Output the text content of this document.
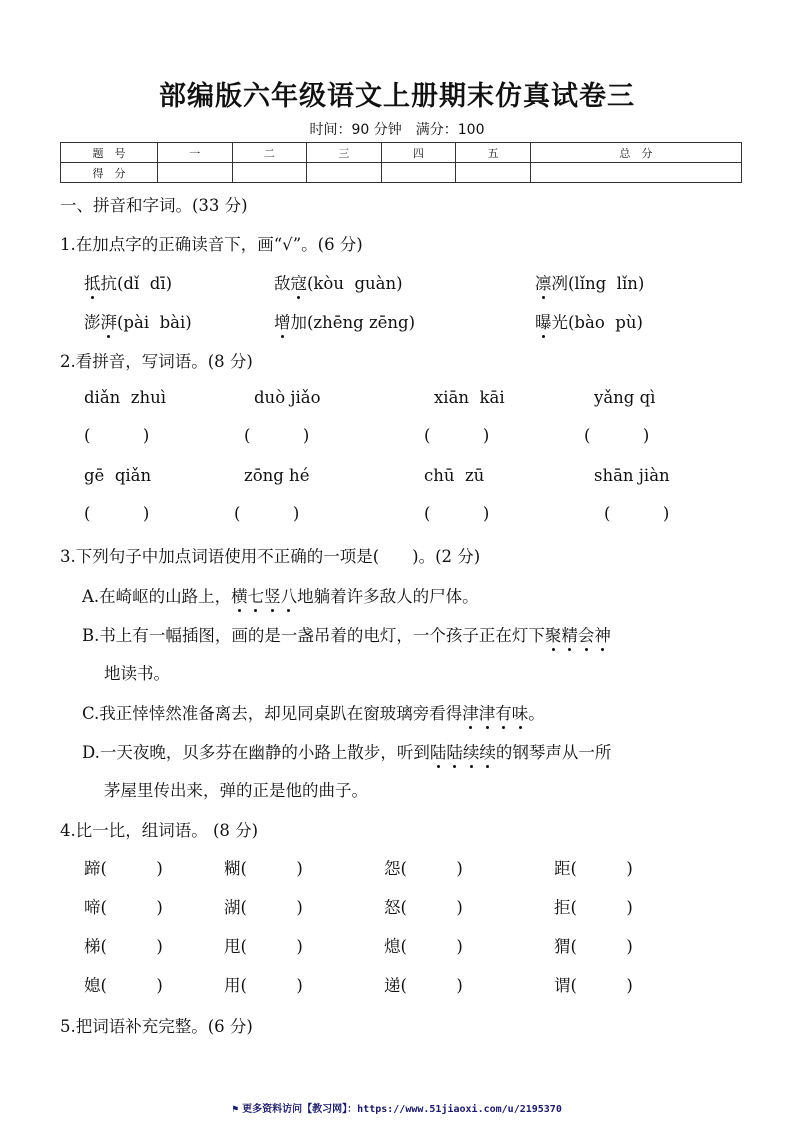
部编版六年级语文上册期末仿真试卷三
时间：90 分钟　满分：100
题　号	一	二	三	四	五	总　分
得　分						
一、拼音和字词。(33 分)
1.在加点字的正确读音下，画“√”。(6 分)
抵抗(dǐ  dī)	敌寇(kòu  guàn)	凛冽(lǐng  lǐn)
澎湃(pài  bài)	增加(zhēng zēng)	曝光(bào  pù)
2.看拼音，写词语。(8 分)
diǎn  zhuì	duò jiǎo	xiān  kāi	yǎng qì
(          )	(          )	(          )	(          )
gē  qiǎn	zōng hé	chū  zū	shān jiàn
(          )	(          )	(          )	(          )
3.下列句子中加点词语使用不正确的一项是(　　)。(2 分)
A.在崎岖的山路上，横七竖八地躺着许多敌人的尸体。
B.书上有一幅插图，画的是一盏吊着的电灯，一个孩子正在灯下聚精会神
地读书。
C.我正悻悻然准备离去，却见同桌趴在窗玻璃旁看得津津有味。
D.一天夜晚，贝多芬在幽静的小路上散步，听到陆陆续续的钢琴声从一所
茅屋里传出来，弹的正是他的曲子。
4.比一比，组词语。 (8 分)
蹄(　　　)	糊(　　　)	怨(　　　)	距(　　　)
啼(　　　)	湖(　　　)	怒(　　　)	拒(　　　)
梯(　　　)	甩(　　　)	熄(　　　)	猬(　　　)
媳(　　　)	用(　　　)	递(　　　)	谓(　　　)
5.把词语补充完整。(6 分)
⚑ 更多资料访问【教习网】：https://www.51jiaoxi.com/u/2195370
